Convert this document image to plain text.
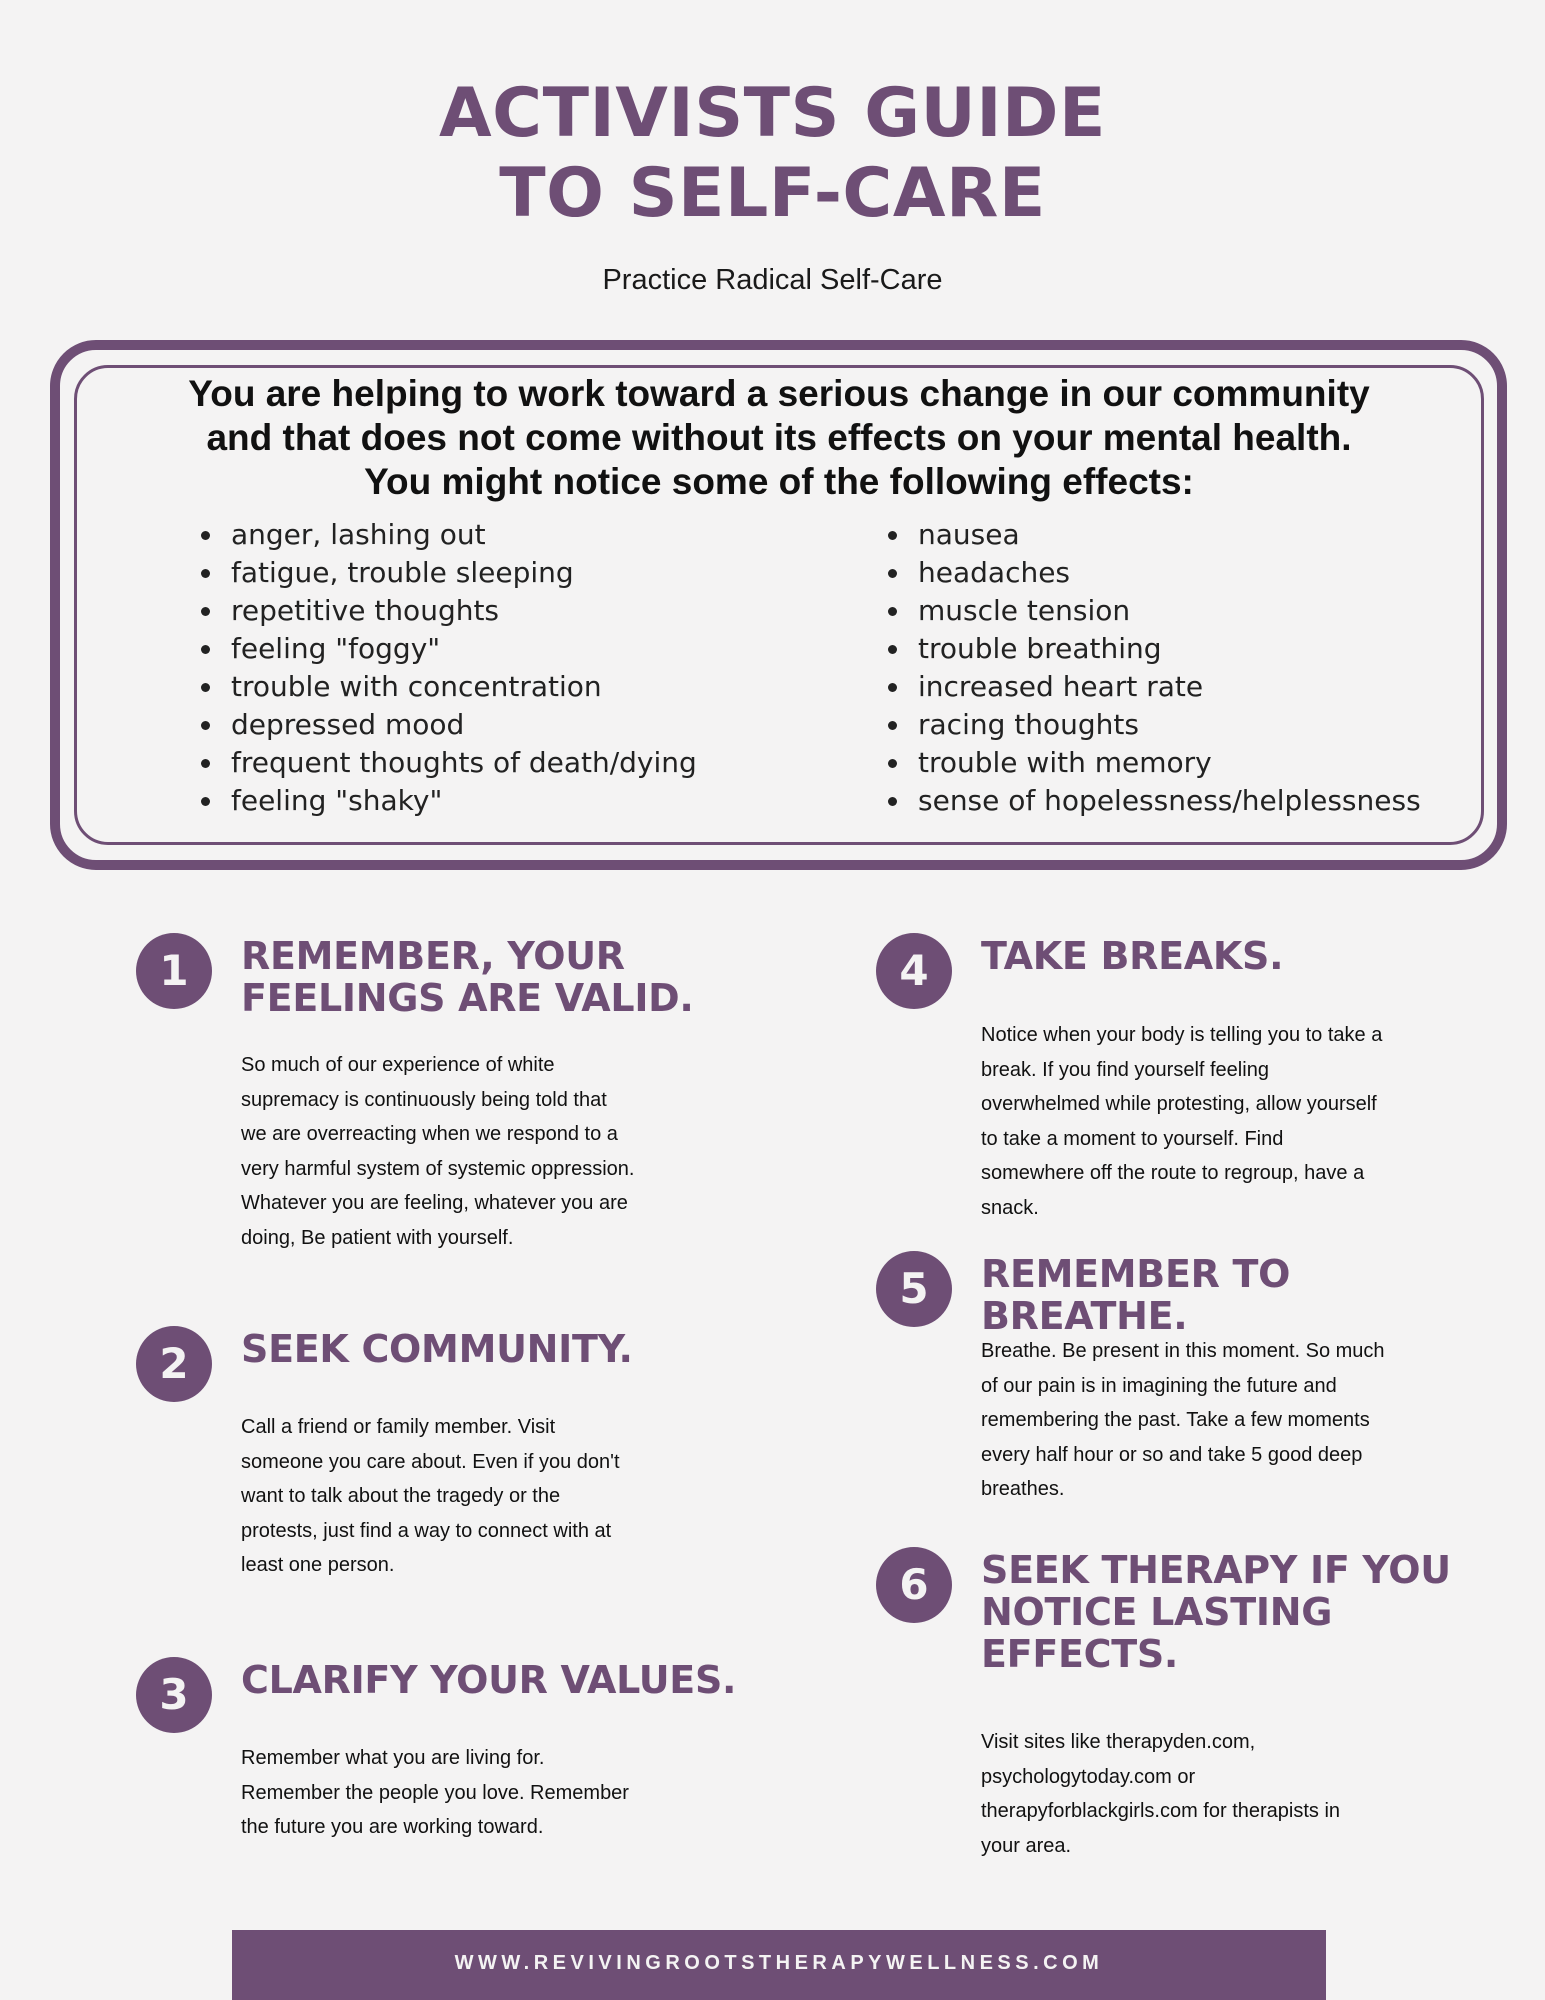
ACTIVISTS GUIDE
TO SELF-CARE
Practice Radical Self-Care
You are helping to work toward a serious change in our community
and that does not come without its effects on your mental health.
You might notice some of the following effects:
• anger, lashing out
• fatigue, trouble sleeping
• repetitive thoughts
• feeling "foggy"
• trouble with concentration
• depressed mood
• frequent thoughts of death/dying
• feeling "shaky"
• nausea
• headaches
• muscle tension
• trouble breathing
• increased heart rate
• racing thoughts
• trouble with memory
• sense of hopelessness/helplessness
1	REMEMBER, YOUR
FEELINGS ARE VALID.
So much of our experience of white
supremacy is continuously being told that
we are overreacting when we respond to a
very harmful system of systemic oppression.
Whatever you are feeling, whatever you are
doing, Be patient with yourself.
2	SEEK COMMUNITY.
Call a friend or family member. Visit
someone you care about. Even if you don't
want to talk about the tragedy or the
protests, just find a way to connect with at
least one person.
3	CLARIFY YOUR VALUES.
Remember what you are living for.
Remember the people you love. Remember
the future you are working toward.
4	TAKE BREAKS.
Notice when your body is telling you to take a
break. If you find yourself feeling
overwhelmed while protesting, allow yourself
to take a moment to yourself. Find
somewhere off the route to regroup, have a
snack.
5	REMEMBER TO BREATHE.
Breathe. Be present in this moment. So much
of our pain is in imagining the future and
remembering the past. Take a few moments
every half hour or so and take 5 good deep
breathes.
6	SEEK THERAPY IF YOU
NOTICE LASTING
EFFECTS.
Visit sites like therapyden.com,
psychologytoday.com or
therapyforblackgirls.com for therapists in
your area.
WWW.REVIVINGROOTSTHERAPYWELLNESS.COM
